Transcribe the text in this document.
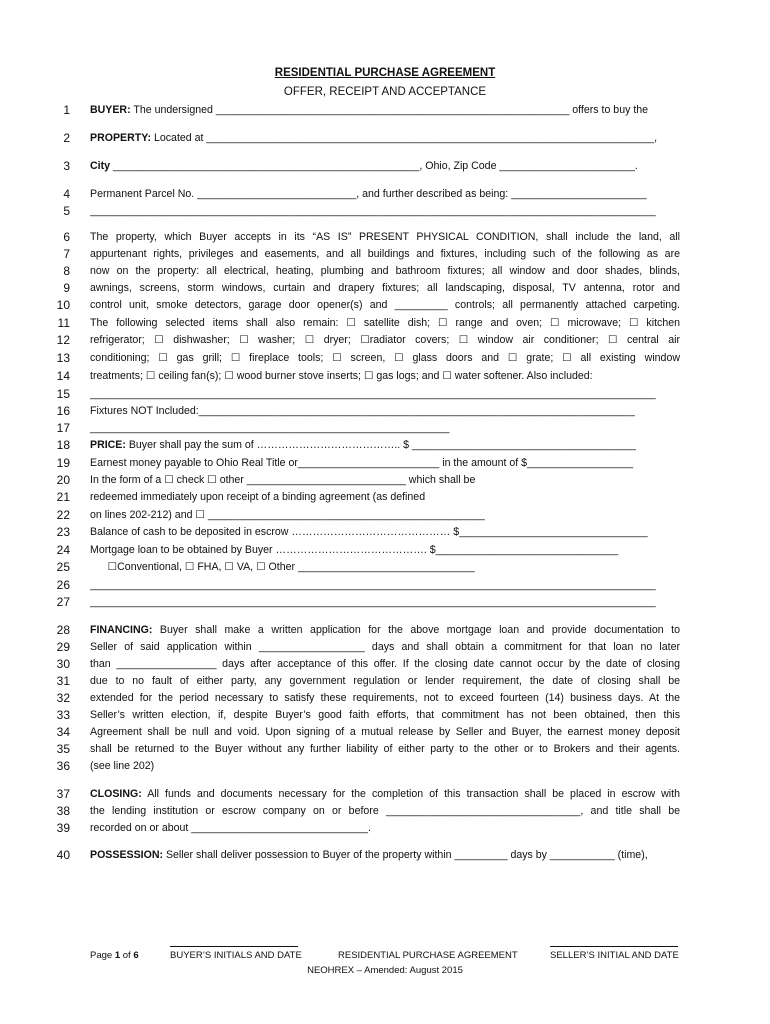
RESIDENTIAL PURCHASE AGREEMENT
OFFER, RECEIPT AND ACCEPTANCE
1 BUYER: The undersigned ____________________________________________________________ offers to buy the
2 PROPERTY: Located at ____________________________________________________________________________,
3 City ____________________________________________________, Ohio, Zip Code _______________________.
4 Permanent Parcel No. ___________________________, and further described as being: _______________________
5 ________________________________________________________________________________________________
6 The property, which Buyer accepts in its “AS IS” PRESENT PHYSICAL CONDITION, shall include the land, all
7 appurtenant rights, privileges and easements, and all buildings and fixtures, including such of the following as are
8 now on the property: all electrical, heating, plumbing and bathroom fixtures; all window and door shades, blinds,
9 awnings, screens, storm windows, curtain and drapery fixtures; all landscaping, disposal, TV antenna, rotor and
10 control unit, smoke detectors, garage door opener(s) and _________ controls; all permanently attached carpeting.
11 The following selected items shall also remain: ☐ satellite dish; ☐ range and oven; ☐ microwave; ☐ kitchen
12 refrigerator; ☐ dishwasher; ☐ washer; ☐ dryer; ☐radiator covers; ☐ window air conditioner; ☐ central air
13 conditioning; ☐ gas grill; ☐ fireplace tools; ☐ screen, ☐ glass doors and ☐ grate; ☐ all existing window
14 treatments; ☐ ceiling fan(s); ☐ wood burner stove inserts; ☐ gas logs; and ☐ water softener. Also included:
15 ________________________________________________________________________________________________
16 Fixtures NOT Included:__________________________________________________________________________
17 _____________________________________________________________
18 PRICE: Buyer shall pay the sum of ………………………………….. $ ______________________________________
19 Earnest money payable to Ohio Real Title or________________________ in the amount of $__________________
20 In the form of a ☐ check ☐ other ___________________________ which shall be
21 redeemed immediately upon receipt of a binding agreement (as defined
22 on lines 202-212) and ☐ _______________________________________________
23 Balance of cash to be deposited in escrow ……………………………………… $________________________________
24 Mortgage loan to be obtained by Buyer ……………………………………. $_______________________________
25 ☐Conventional, ☐ FHA, ☐ VA, ☐ Other ______________________________
26 ________________________________________________________________________________________________
27 ________________________________________________________________________________________________
28 FINANCING: Buyer shall make a written application for the above mortgage loan and provide documentation to
29 Seller of said application within __________________ days and shall obtain a commitment for that loan no later
30 than _________________ days after acceptance of this offer. If the closing date cannot occur by the date of closing
31 due to no fault of either party, any government regulation or lender requirement, the date of closing shall be
32 extended for the period necessary to satisfy these requirements, not to exceed fourteen (14) business days. At the
33 Seller’s written election, if, despite Buyer’s good faith efforts, that commitment has not been obtained, then this
34 Agreement shall be null and void. Upon signing of a mutual release by Seller and Buyer, the earnest money deposit
35 shall be returned to the Buyer without any further liability of either party to the other or to Brokers and their agents.
36 (see line 202)
37 CLOSING: All funds and documents necessary for the completion of this transaction shall be placed in escrow with
38 the lending institution or escrow company on or before _________________________________, and title shall be
39 recorded on or about ______________________________.
40 POSSESSION: Seller shall deliver possession to Buyer of the property within _________ days by ___________ (time),
Page 1 of 6	BUYER’S INITIALS AND DATE	RESIDENTIAL PURCHASE AGREEMENT	SELLER’S INITIAL AND DATE
NEOHREX – Amended: August 2015
